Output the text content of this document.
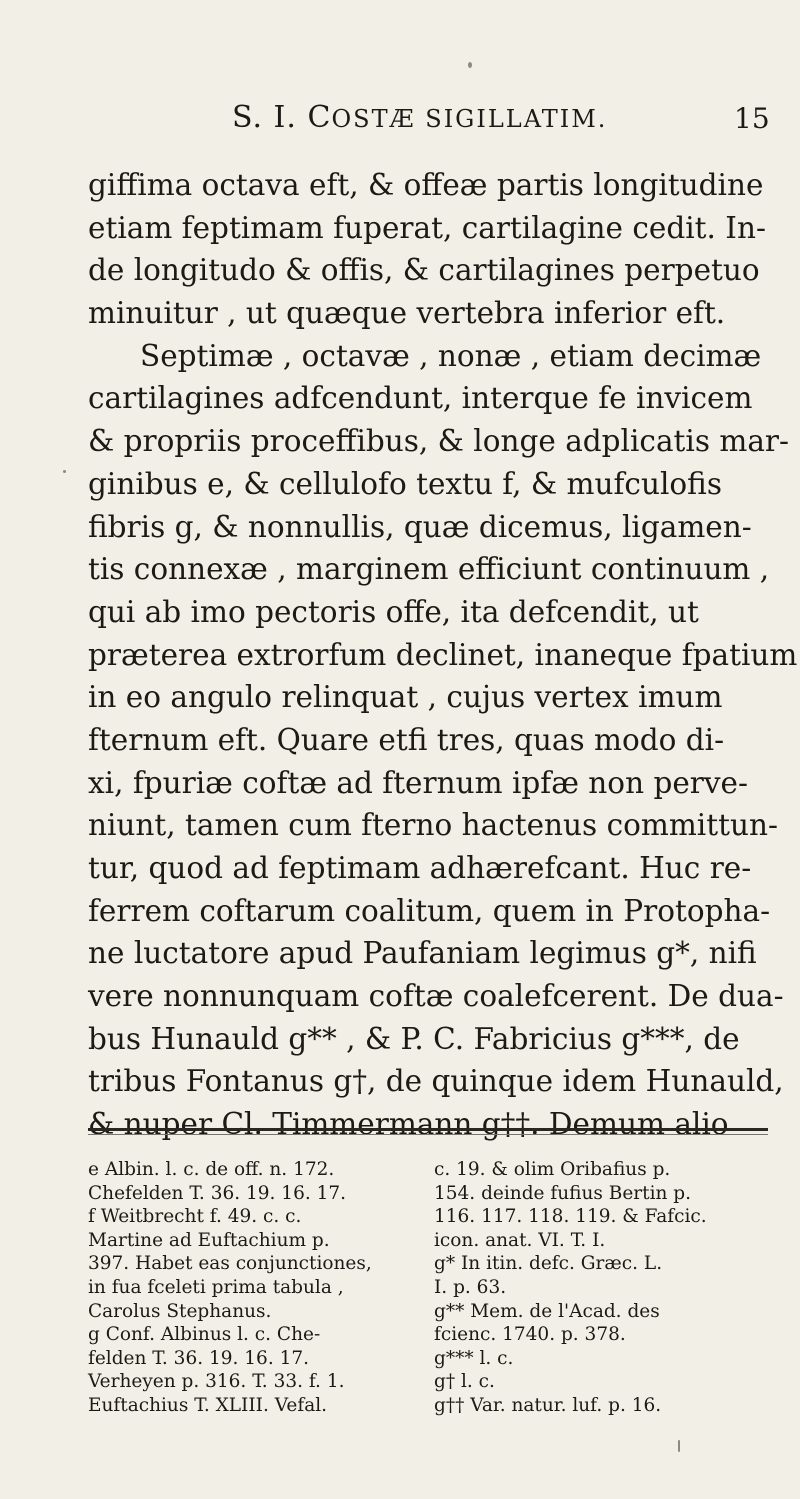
S. I. COSTÆ SIGILLATIM.	15
giffima octava eft, & offeæ partis longitudine
etiam feptimam fuperat, cartilagine cedit. In-
de longitudo & offis, & cartilagines perpetuo
minuitur , ut quæque vertebra inferior eft.
Septimæ , octavæ , nonæ , etiam decimæ
cartilagines adfcendunt, interque fe invicem
& propriis proceffibus, & longe adplicatis mar-
ginibus e, & cellulofo textu f, & mufculofis
fibris g, & nonnullis, quæ dicemus, ligamen-
tis connexæ , marginem efficiunt continuum ,
qui ab imo pectoris offe, ita defcendit, ut
præterea extrorfum declinet, inaneque fpatium
in eo angulo relinquat , cujus vertex imum
fternum eft. Quare etfi tres, quas modo di-
xi, fpuriæ coftæ ad fternum ipfæ non perve-
niunt, tamen cum fterno hactenus committun-
tur, quod ad feptimam adhærefcant. Huc re-
ferrem coftarum coalitum, quem in Protopha-
ne luctatore apud Paufaniam legimus g*, nifi
vere nonnunquam coftæ coalefcerent. De dua-
bus Hunauld g** , & P. C. Fabricius g***, de
tribus Fontanus g†, de quinque idem Hunauld,
& nuper Cl. Timmermann g††. Demum alio
e Albin. l. c. de off. n. 172.
Chefelden T. 36. 19. 16. 17.
f Weitbrecht f. 49. c. c.
Martine ad Euftachium p.
397. Habet eas conjunctiones,
in fua fceleti prima tabula ,
Carolus Stephanus.
g Conf. Albinus l. c. Che-
felden T. 36. 19. 16. 17.
Verheyen p. 316. T. 33. f. 1.
Euftachius T. XLIII. Vefal.
c. 19. & olim Oribafius p.
154. deinde fufius Bertin p.
116. 117. 118. 119. & Fafcic.
icon. anat. VI. T. I.
g* In itin. defc. Græc. L.
I. p. 63.
g** Mem. de l'Acad. des
fcienc. 1740. p. 378.
g*** l. c.
g† l. c.
g†† Var. natur. luf. p. 16.
